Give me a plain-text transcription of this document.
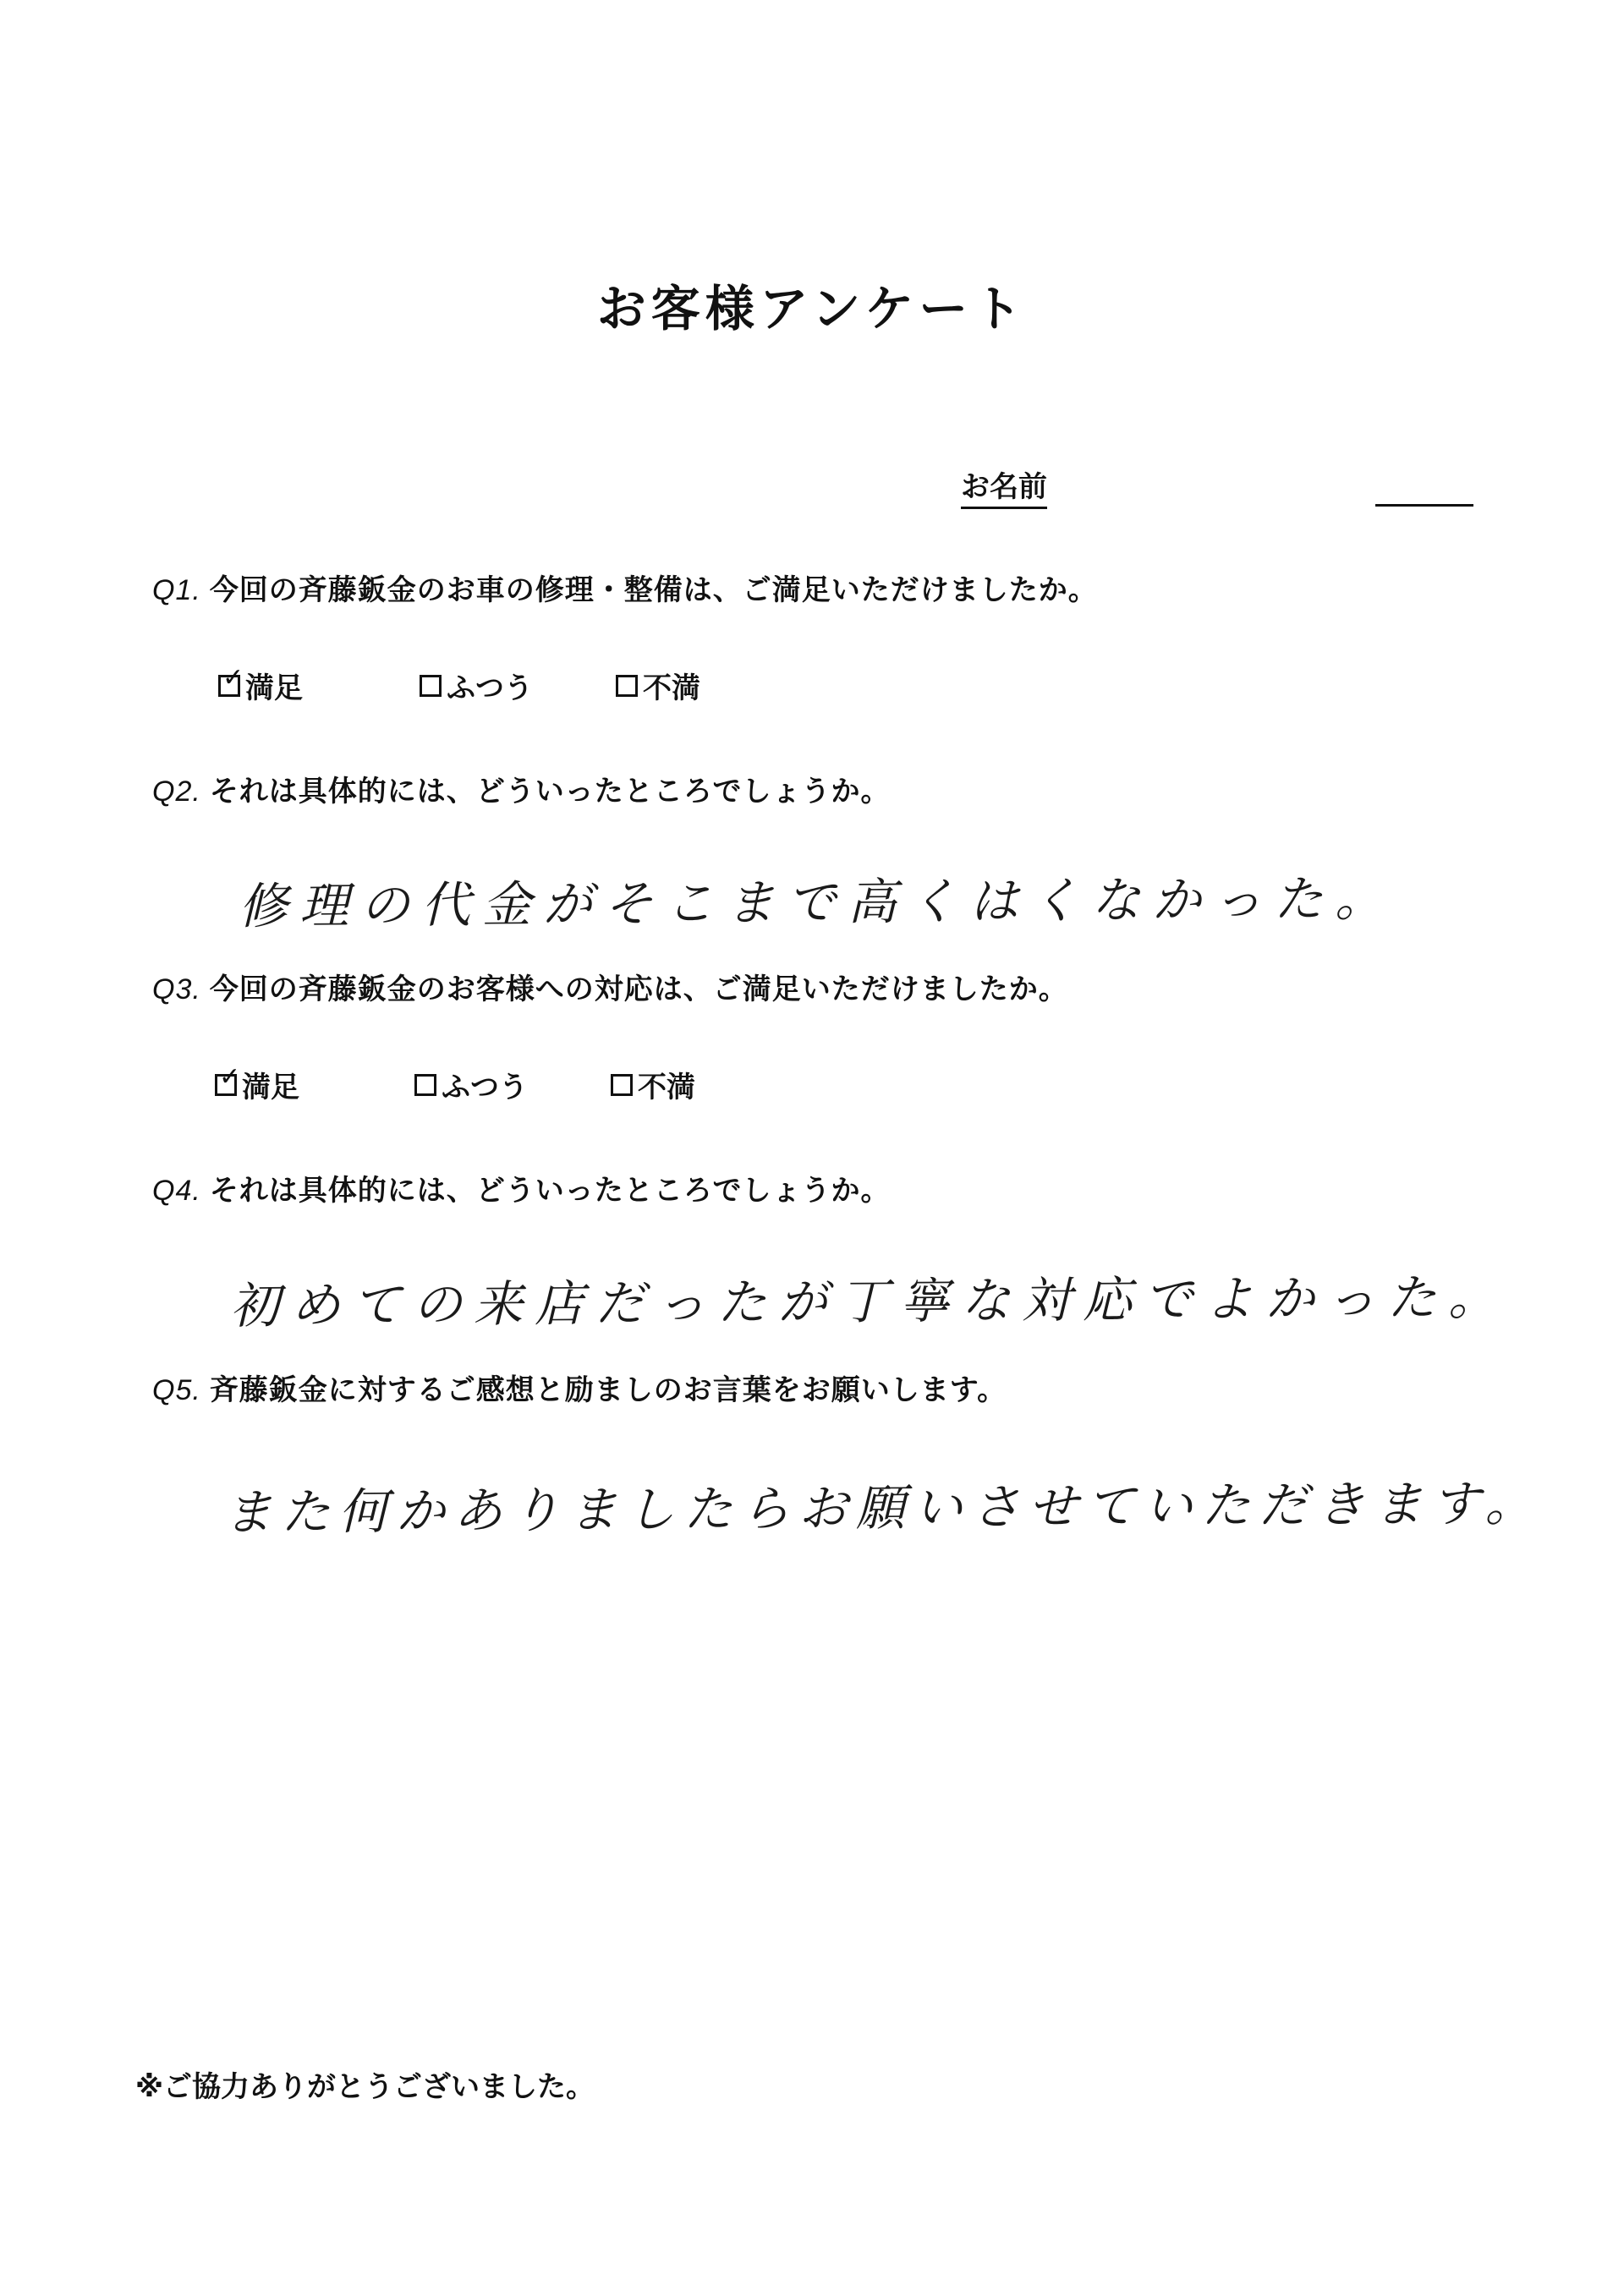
お客様アンケート
お名前
Q1. 今回の斉藤鈑金のお車の修理・整備は、ご満足いただけましたか。
✓ 満足	ふつう	不満
Q2. それは具体的には、どういったところでしょうか。
修理の代金がそこまで高くはくなかった。
Q3. 今回の斉藤鈑金のお客様への対応は、ご満足いただけましたか。
✓ 満足	ふつう	不満
Q4. それは具体的には、どういったところでしょうか。
初めての来店だったが丁寧な対応でよかった。
Q5. 斉藤鈑金に対するご感想と励ましのお言葉をお願いします。
また何かありましたらお願いさせていただきます。
※ご協力ありがとうございました。
